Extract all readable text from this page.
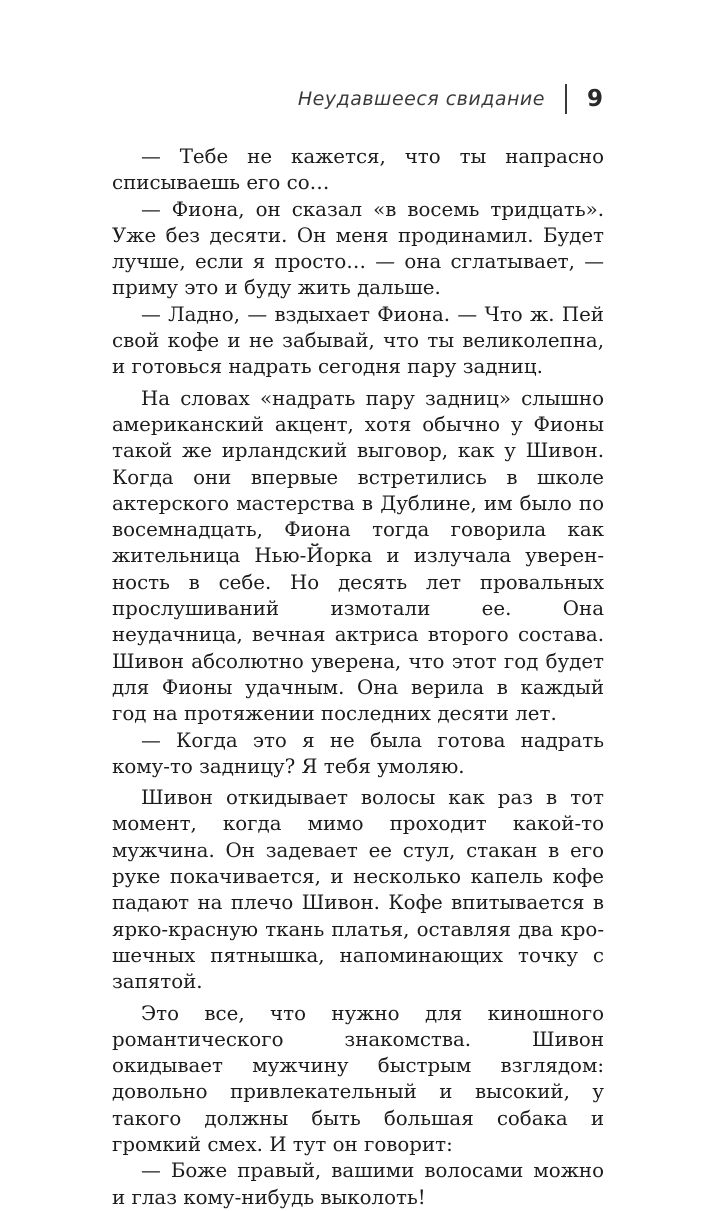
Неудавшееся свидание 9

— Тебе не кажется, что ты напрасно списываешь его со…

— Фиона, он сказал «в восемь тридцать». Уже без десяти. Он меня продинамил. Будет лучше, если я просто… — она сглатывает, — приму это и буду жить дальше.

— Ладно, — вздыхает Фиона. — Что ж. Пей свой кофе и не забывай, что ты великолепна, и готовься надрать сегодня пару задниц.

На словах «надрать пару задниц» слышно американский акцент, хотя обычно у Фионы такой же ирландский выговор, как у Шивон. Когда они впервые встретились в школе актерского мастерства в Дублине, им было по восемнадцать, Фиона тогда говорила как жительница Нью-Йорка и излучала уверенность в себе. Но десять лет провальных прослушиваний измотали ее. Она неудачница, вечная актриса второго состава. Шивон абсолютно уверена, что этот год будет для Фионы удачным. Она верила в каждый год на протяжении последних десяти лет.

— Когда это я не была готова надрать кому-то задницу? Я тебя умоляю.

Шивон откидывает волосы как раз в тот момент, когда мимо проходит какой-то мужчина. Он задевает ее стул, стакан в его руке покачивается, и несколько капель кофе падают на плечо Шивон. Кофе впитывается в ярко-красную ткань платья, оставляя два крошечных пятнышка, напоминающих точку с запятой.

Это все, что нужно для киношного романтического знакомства. Шивон окидывает мужчину быстрым взглядом: довольно привлекательный и высокий, у такого должны быть большая собака и громкий смех. И тут он говорит:

— Боже правый, вашими волосами можно и глаз кому-нибудь выколоть!
